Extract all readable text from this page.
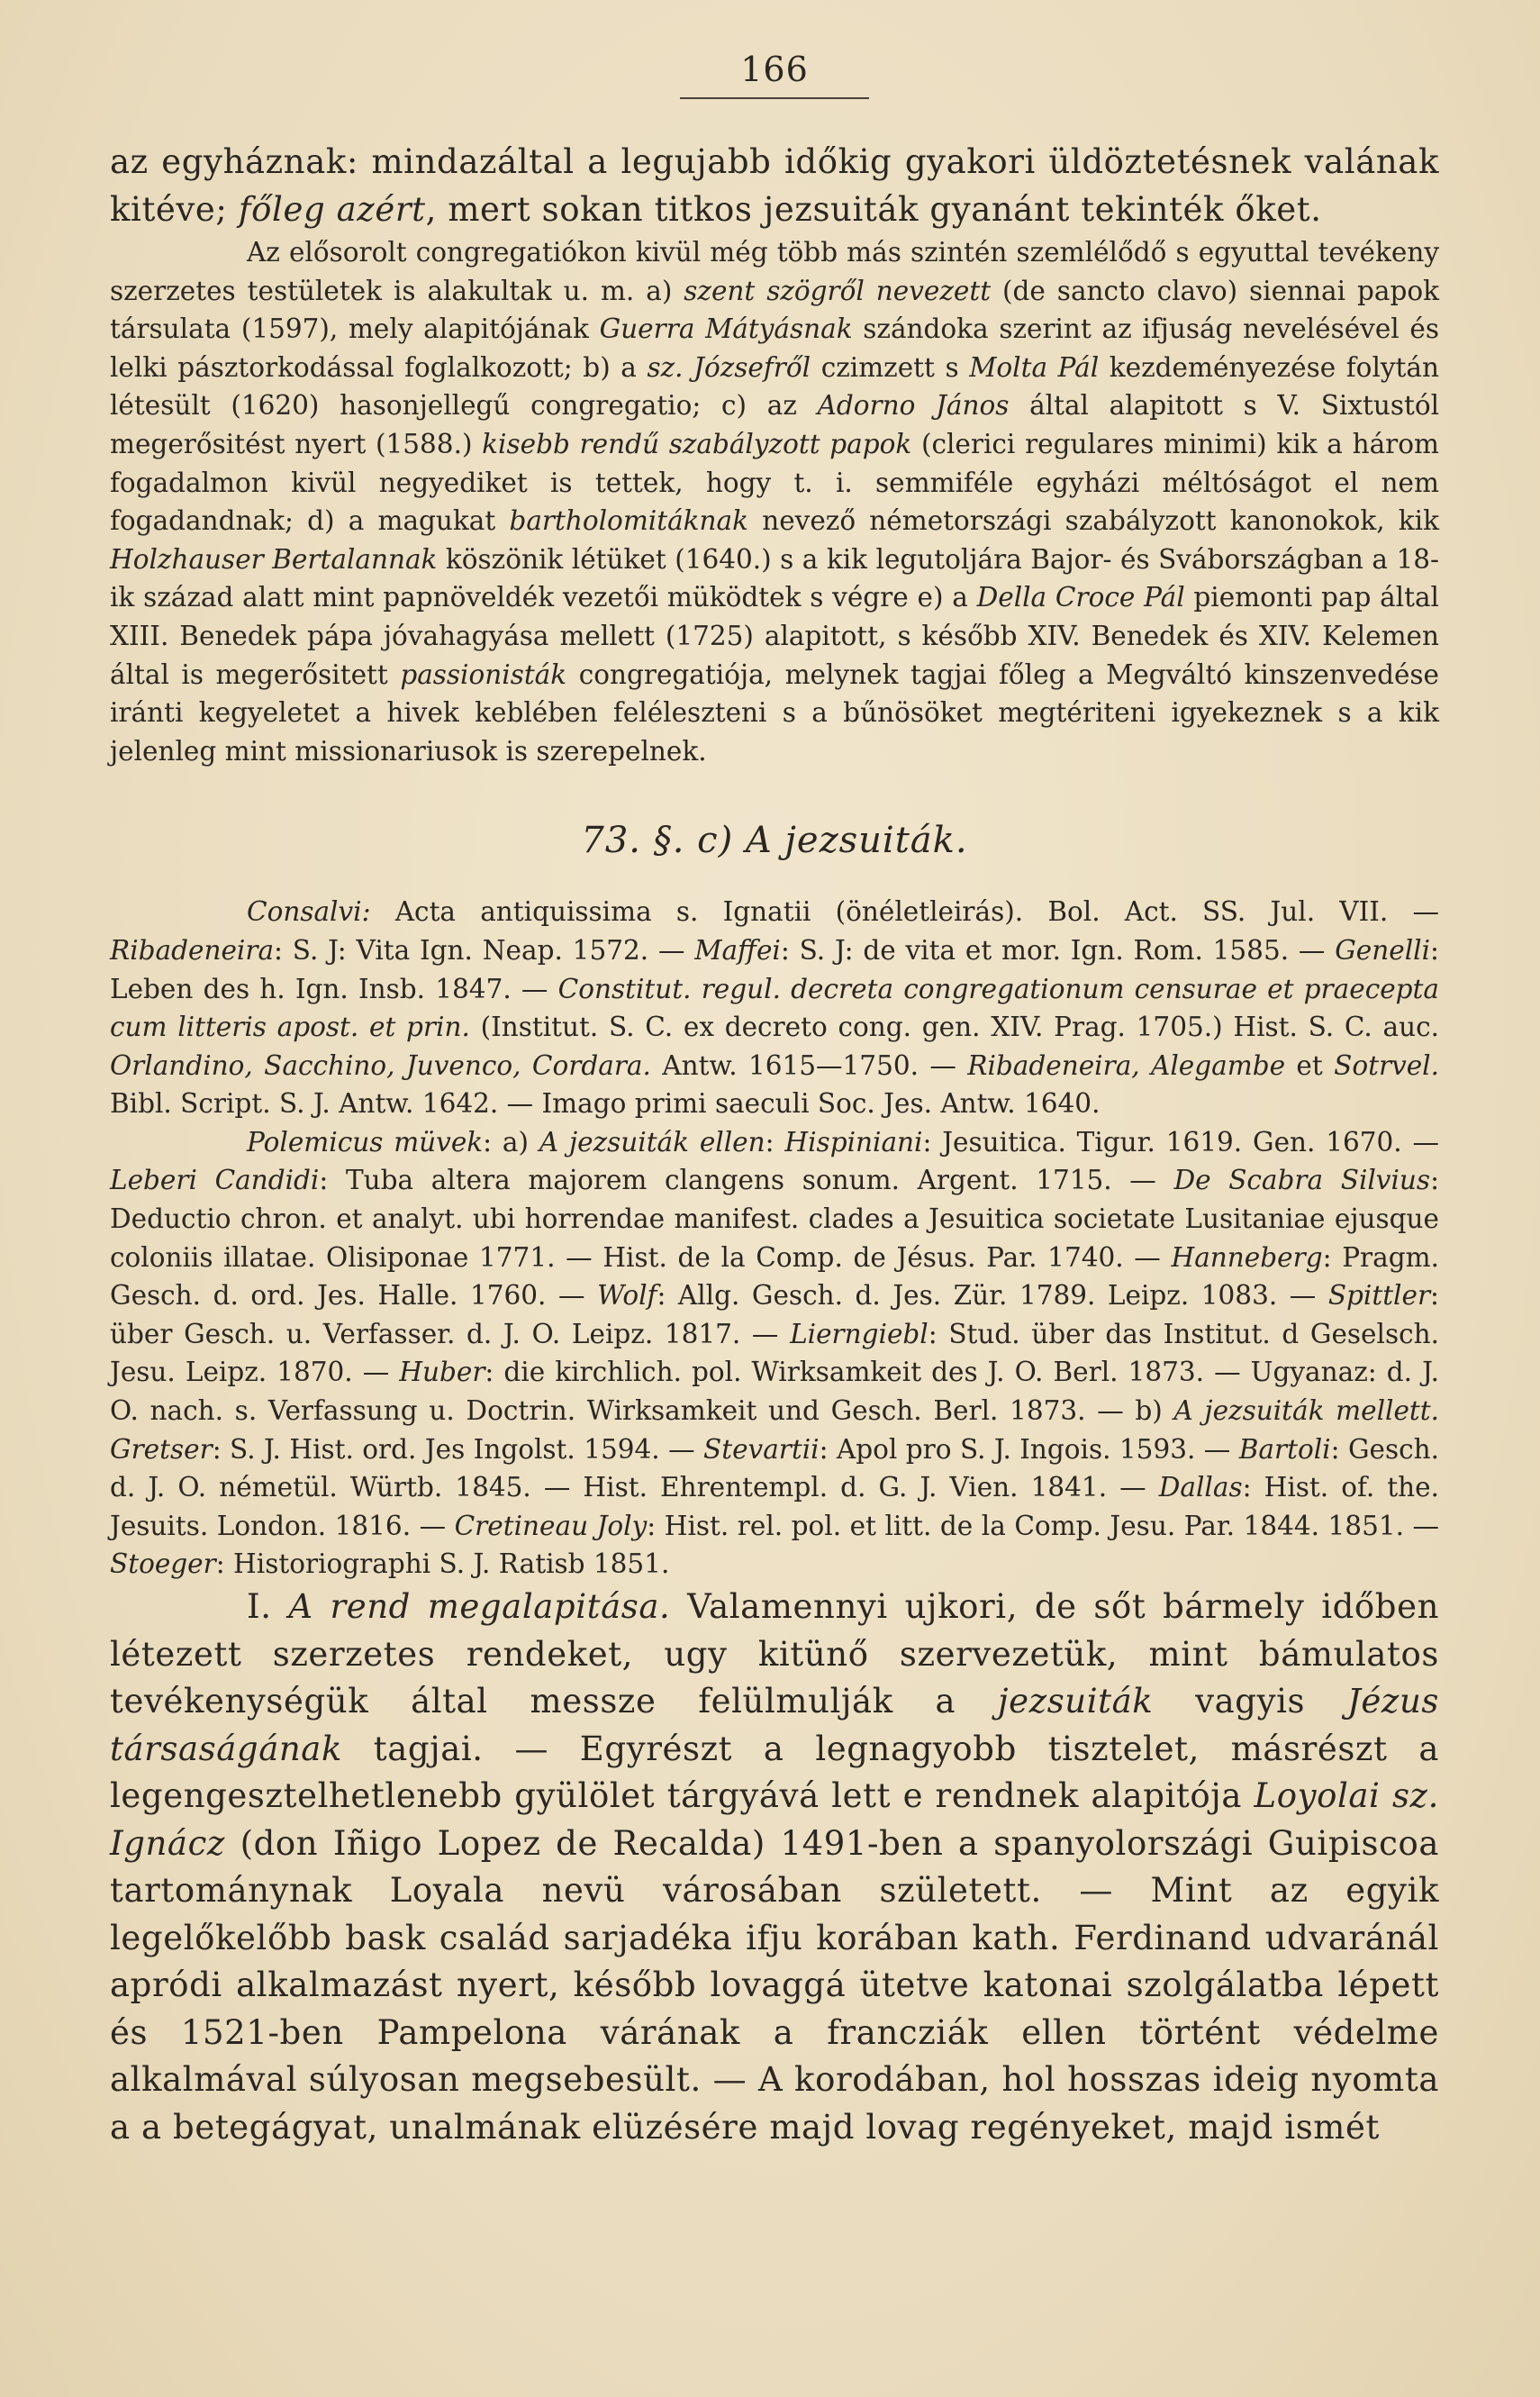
166

az egyháznak: mindazáltal a legujabb időkig gyakori üldöztetésnek valának kitéve; főleg azért, mert sokan titkos jezsuiták gyanánt tekinték őket.

Az elősorolt congregatiókon kivül még több más szintén szemlélődő s egyuttal tevékeny szerzetes testületek is alakultak u. m. a) szent szögről nevezett (de sancto clavo) siennai papok társulata (1597), mely alapitójának Guerra Mátyásnak szándoka szerint az ifjuság nevelésével és lelki pásztorkodással foglalkozott; b) a sz. Józsefről czimzett s Molta Pál kezdeményezése folytán létesült (1620) hasonjellegű congregatio; c) az Adorno János által alapitott s V. Sixtustól megerősitést nyert (1588.) kisebb rendű szabályzott papok (clerici regulares minimi) kik a három fogadalmon kivül negyediket is tettek, hogy t. i. semmiféle egyházi méltóságot el nem fogadandnak; d) a magukat bartholomitáknak nevező németországi szabályzott kanonokok, kik Holzhauser Bertalannak köszönik létüket (1640.) s a kik legutoljára Bajor- és Svábországban a 18-ik század alatt mint papnöveldék vezetői müködtek s végre e) a Della Croce Pál piemonti pap által XIII. Benedek pápa jóvahagyása mellett (1725) alapitott, s később XIV. Benedek és XIV. Kelemen által is megerősitett passionisták congregatiója, melynek tagjai főleg a Megváltó kinszenvedése iránti kegyeletet a hivek keblében feléleszteni s a bűnösöket megtériteni igyekeznek s a kik jelenleg mint missionariusok is szerepelnek.

73. §. c) A jezsuiták.

Consalvi: Acta antiquissima s. Ignatii (önéletleirás). Bol. Act. SS. Jul. VII. — Ribadeneira: S. J: Vita Ign. Neap. 1572. — Maffei: S. J: de vita et mor. Ign. Rom. 1585. — Genelli: Leben des h. Ign. Insb. 1847. — Constitut. regul. decreta congregationum censurae et praecepta cum litteris apost. et prin. (Institut. S. C. ex decreto cong. gen. XIV. Prag. 1705.) Hist. S. C. auc. Orlandino, Sacchino, Juvenco, Cordara. Antw. 1615—1750. — Ribadeneira, Alegambe et Sotrvel. Bibl. Script. S. J. Antw. 1642. — Imago primi saeculi Soc. Jes. Antw. 1640.

Polemicus müvek: a) A jezsuiták ellen: Hispiniani: Jesuitica. Tigur. 1619. Gen. 1670. — Leberi Candidi: Tuba altera majorem clangens sonum. Argent. 1715. — De Scabra Silvius: Deductio chron. et analyt. ubi horrendae manifest. clades a Jesuitica societate Lusitaniae ejusque coloniis illatae. Olisiponae 1771. — Hist. de la Comp. de Jésus. Par. 1740. — Hanneberg: Pragm. Gesch. d. ord. Jes. Halle. 1760. — Wolf: Allg. Gesch. d. Jes. Zür. 1789. Leipz. 1083. — Spittler: über Gesch. u. Verfasser. d. J. O. Leipz. 1817. — Lierngiebl: Stud. über das Institut. d Geselsch. Jesu. Leipz. 1870. — Huber: die kirchlich. pol. Wirksamkeit des J. O. Berl. 1873. — Ugyanaz: d. J. O. nach. s. Verfassung u. Doctrin. Wirksamkeit und Gesch. Berl. 1873. — b) A jezsuiták mellett. Gretser: S. J. Hist. ord. Jes Ingolst. 1594. — Stevartii: Apol pro S. J. Ingois. 1593. — Bartoli: Gesch. d. J. O. németül. Würtb. 1845. — Hist. Ehrentempl. d. G. J. Vien. 1841. — Dallas: Hist. of. the. Jesuits. London. 1816. — Cretineau Joly: Hist. rel. pol. et litt. de la Comp. Jesu. Par. 1844. 1851. — Stoeger: Historiographi S. J. Ratisb 1851.

I. A rend megalapitása. Valamennyi ujkori, de sőt bármely időben létezett szerzetes rendeket, ugy kitünő szervezetük, mint bámulatos tevékenységük által messze felülmulják a jezsuiták vagyis Jézus társaságának tagjai. — Egyrészt a legnagyobb tisztelet, másrészt a legengesztelhetlenebb gyülölet tárgyává lett e rendnek alapitója Loyolai sz. Ignácz (don Iñigo Lopez de Recalda) 1491-ben a spanyolországi Guipiscoa tartománynak Loyala nevü városában született. — Mint az egyik legelőkelőbb bask család sarjadéka ifju korában kath. Ferdinand udvaránál apródi alkalmazást nyert, később lovaggá ütetve katonai szolgálatba lépett és 1521-ben Pampelona várának a francziák ellen történt védelme alkalmával súlyosan megsebesült. — A korodában, hol hosszas ideig nyomta a a betegágyat, unalmának elüzésére majd lovag regényeket, majd ismét
